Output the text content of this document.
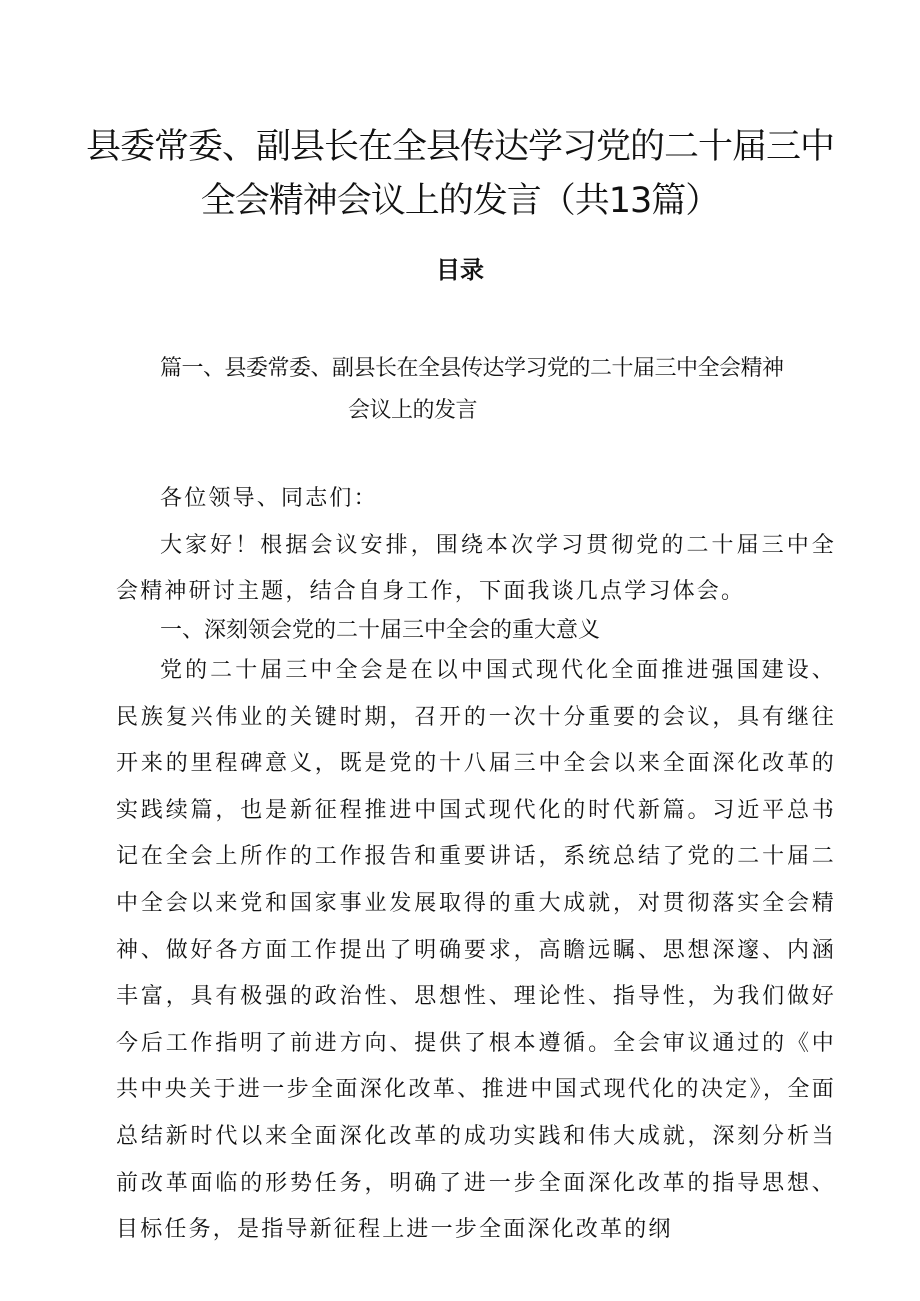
县委常委、副县长在全县传达学习党的二十届三中
全会精神会议上的发言（共13篇）
目录
篇一、县委常委、副县长在全县传达学习党的二十届三中全会精神
会议上的发言

各位领导、同志们：

大家好！根据会议安排，围绕本次学习贯彻党的二十届三中全会精神研讨主题，结合自身工作，下面我谈几点学习体会。

一、深刻领会党的二十届三中全会的重大意义

党的二十届三中全会是在以中国式现代化全面推进强国建设、民族复兴伟业的关键时期，召开的一次十分重要的会议，具有继往开来的里程碑意义，既是党的十八届三中全会以来全面深化改革的实践续篇，也是新征程推进中国式现代化的时代新篇。习近平总书记在全会上所作的工作报告和重要讲话，系统总结了党的二十届二中全会以来党和国家事业发展取得的重大成就，对贯彻落实全会精神、做好各方面工作提出了明确要求，高瞻远瞩、思想深邃、内涵丰富，具有极强的政治性、思想性、理论性、指导性，为我们做好今后工作指明了前进方向、提供了根本遵循。全会审议通过的《中共中央关于进一步全面深化改革、推进中国式现代化的决定》，全面总结新时代以来全面深化改革的成功实践和伟大成就，深刻分析当前改革面临的形势任务，明确了进一步全面深化改革的指导思想、目标任务，是指导新征程上进一步全面深化改革的纲
